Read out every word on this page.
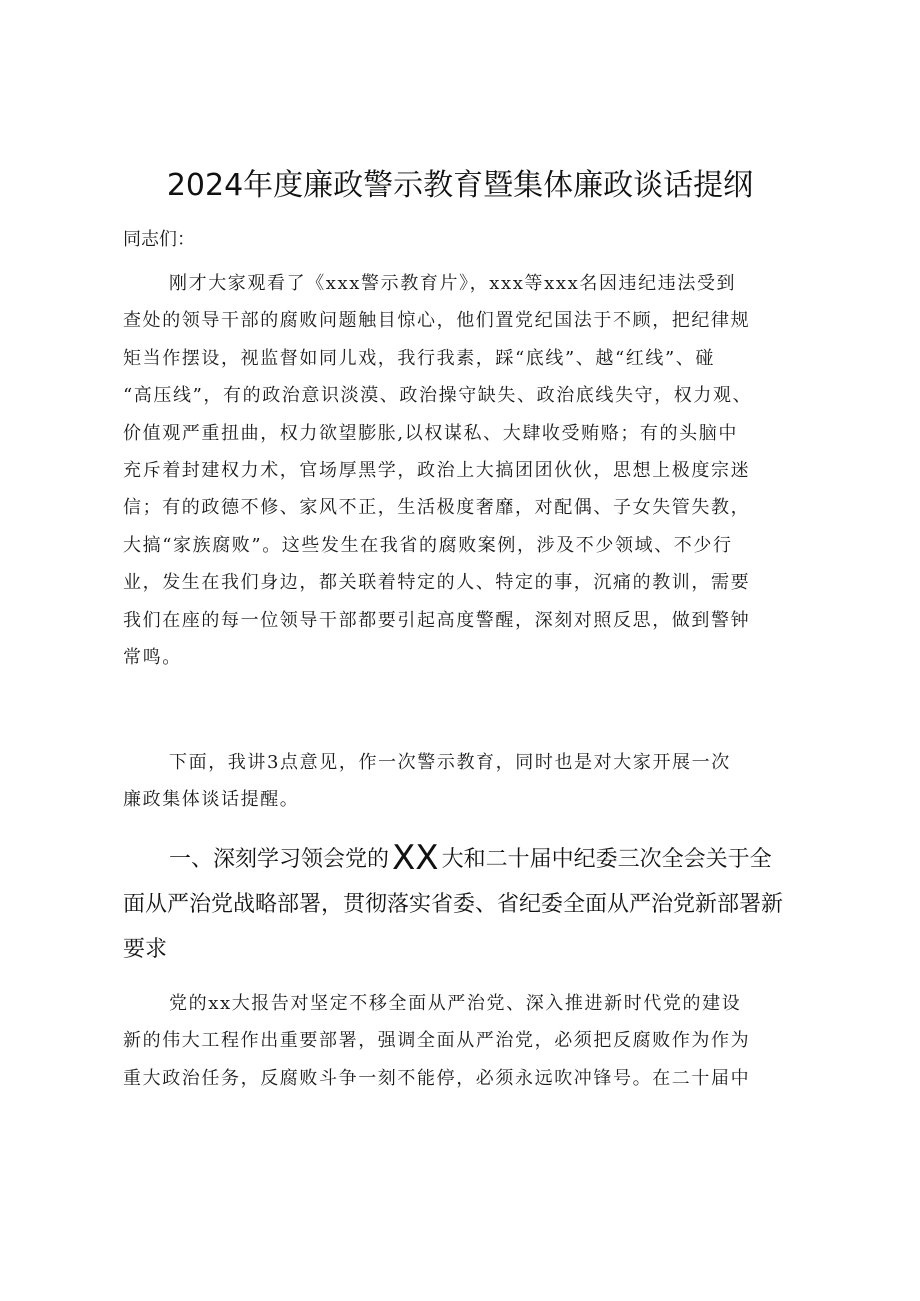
2024年度廉政警示教育暨集体廉政谈话提纲

同志们：

刚才大家观看了《xxx警示教育片》，xxx等xxx名因违纪违法受到
查处的领导干部的腐败问题触目惊心，他们置党纪国法于不顾，把纪律规
矩当作摆设，视监督如同儿戏，我行我素，踩“底线”、越“红线”、碰
“高压线”，有的政治意识淡漠、政治操守缺失、政治底线失守，权力观、
价值观严重扭曲，权力欲望膨胀,以权谋私、大肆收受贿赂；有的头脑中
充斥着封建权力术，官场厚黑学，政治上大搞团团伙伙，思想上极度宗迷
信；有的政德不修、家风不正，生活极度奢靡，对配偶、子女失管失教，
大搞“家族腐败”。这些发生在我省的腐败案例，涉及不少领域、不少行
业，发生在我们身边，都关联着特定的人、特定的事，沉痛的教训，需要
我们在座的每一位领导干部都要引起高度警醒，深刻对照反思，做到警钟
常鸣。
下面，我讲3点意见，作一次警示教育，同时也是对大家开展一次
廉政集体谈话提醒。
一、深刻学习领会党的XX 大和二十届中纪委三次全会关于全
面从严治党战略部署，贯彻落实省委、省纪委全面从严治党新部署新
要求
党的xx大报告对坚定不移全面从严治党、深入推进新时代党的建设
新的伟大工程作出重要部署，强调全面从严治党，必须把反腐败作为作为
重大政治任务，反腐败斗争一刻不能停，必须永远吹冲锋号。在二十届中
